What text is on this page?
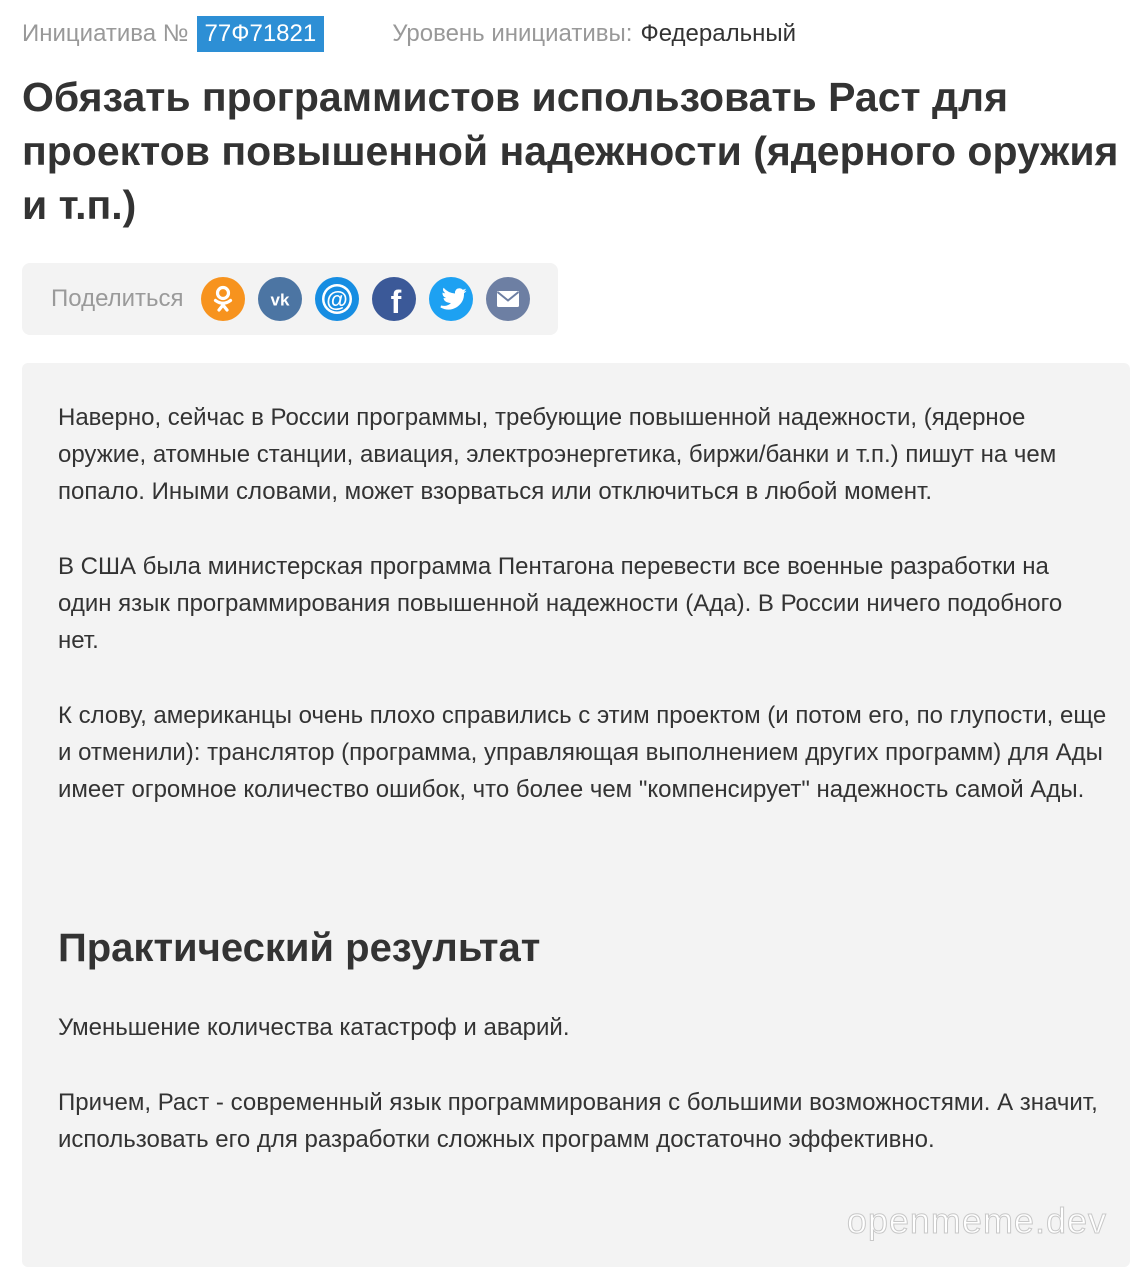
Инициатива № 77Ф71821	Уровень инициативы: Федеральный
Обязать программистов использовать Раст для проектов повышенной надежности (ядерного оружия и т.п.)
Поделиться	vk @ f

Наверно, сейчас в России программы, требующие повышенной надежности, (ядерное оружие, атомные станции, авиация, электроэнергетика, биржи/банки и т.п.) пишут на чем попало. Иными словами, может взорваться или отключиться в любой момент.

В США была министерская программа Пентагона перевести все военные разработки на один язык программирования повышенной надежности (Ада). В России ничего подобного нет.

К слову, американцы очень плохо справились с этим проектом (и потом его, по глупости, еще и отменили): транслятор (программа, управляющая выполнением других программ) для Ады имеет огромное количество ошибок, что более чем "компенсирует" надежность самой Ады.

Практический результат

Уменьшение количества катастроф и аварий.

Причем, Раст - современный язык программирования с большими возможностями. А значит, использовать его для разработки сложных программ достаточно эффективно.

openmeme.dev
